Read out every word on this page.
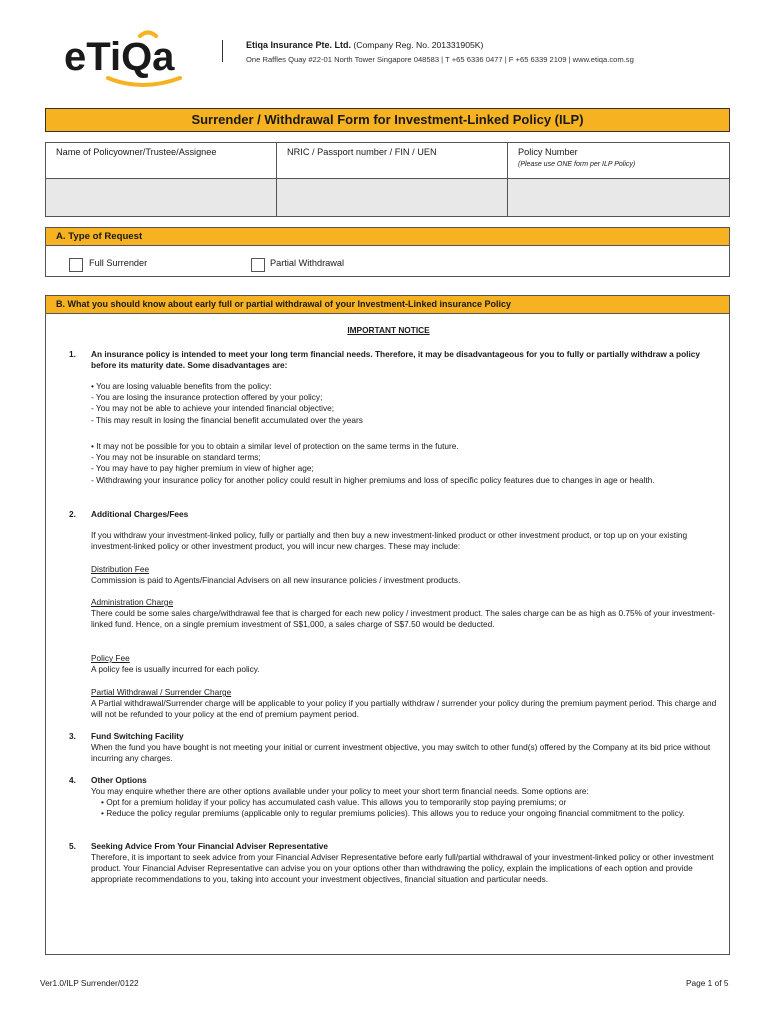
eTiQa	Etiqa Insurance Pte. Ltd. (Company Reg. No. 201331905K)
One Raffles Quay #22-01 North Tower Singapore 048583 | T +65 6336 0477 | F +65 6339 2109 | www.etiqa.com.sg
Surrender / Withdrawal Form for Investment-Linked Policy (ILP)
Name of Policyowner/Trustee/Assignee	NRIC / Passport number / FIN / UEN	Policy Number
(Please use ONE form per ILP Policy)

A. Type of Request
Full Surrender	Partial Withdrawal
B. What you should know about early full or partial withdrawal of your Investment-Linked insurance Policy
IMPORTANT NOTICE
1. An insurance policy is intended to meet your long term financial needs. Therefore, it may be disadvantageous for you to fully or partially withdraw a policy before its maturity date. Some disadvantages are:
• You are losing valuable benefits from the policy:
- You are losing the insurance protection offered by your policy;
- You may not be able to achieve your intended financial objective;
- This may result in losing the financial benefit accumulated over the years
• It may not be possible for you to obtain a similar level of protection on the same terms in the future.
- You may not be insurable on standard terms;
- You may have to pay higher premium in view of higher age;
- Withdrawing your insurance policy for another policy could result in higher premiums and loss of specific policy features due to changes in age or health.
2. Additional Charges/Fees
If you withdraw your investment-linked policy, fully or partially and then buy a new investment-linked product or other investment product, or top up on your existing investment-linked policy or other investment product, you will incur new charges. These may include:
Distribution Fee
Commission is paid to Agents/Financial Advisers on all new insurance policies / investment products.
Administration Charge
There could be some sales charge/withdrawal fee that is charged for each new policy / investment product. The sales charge can be as high as 0.75% of your investment-linked fund. Hence, on a single premium investment of S$1,000, a sales charge of S$7.50 would be deducted.
Policy Fee
A policy fee is usually incurred for each policy.
Partial Withdrawal / Surrender Charge
A Partial withdrawal/Surrender charge will be applicable to your policy if you partially withdraw / surrender your policy during the premium payment period. This charge and will not be refunded to your policy at the end of premium payment period.
3. Fund Switching Facility
When the fund you have bought is not meeting your initial or current investment objective, you may switch to other fund(s) offered by the Company at its bid price without incurring any charges.
4. Other Options
You may enquire whether there are other options available under your policy to meet your short term financial needs. Some options are:
• Opt for a premium holiday if your policy has accumulated cash value. This allows you to temporarily stop paying premiums; or
• Reduce the policy regular premiums (applicable only to regular premiums policies). This allows you to reduce your ongoing financial commitment to the policy.
5. Seeking Advice From Your Financial Adviser Representative
Therefore, it is important to seek advice from your Financial Adviser Representative before early full/partial withdrawal of your investment-linked policy or other investment product. Your Financial Adviser Representative can advise you on your options other than withdrawing the policy, explain the implications of each option and provide appropriate recommendations to you, taking into account your investment objectives, financial situation and particular needs.
Ver1.0/ILP Surrender/0122	Page 1 of 5
